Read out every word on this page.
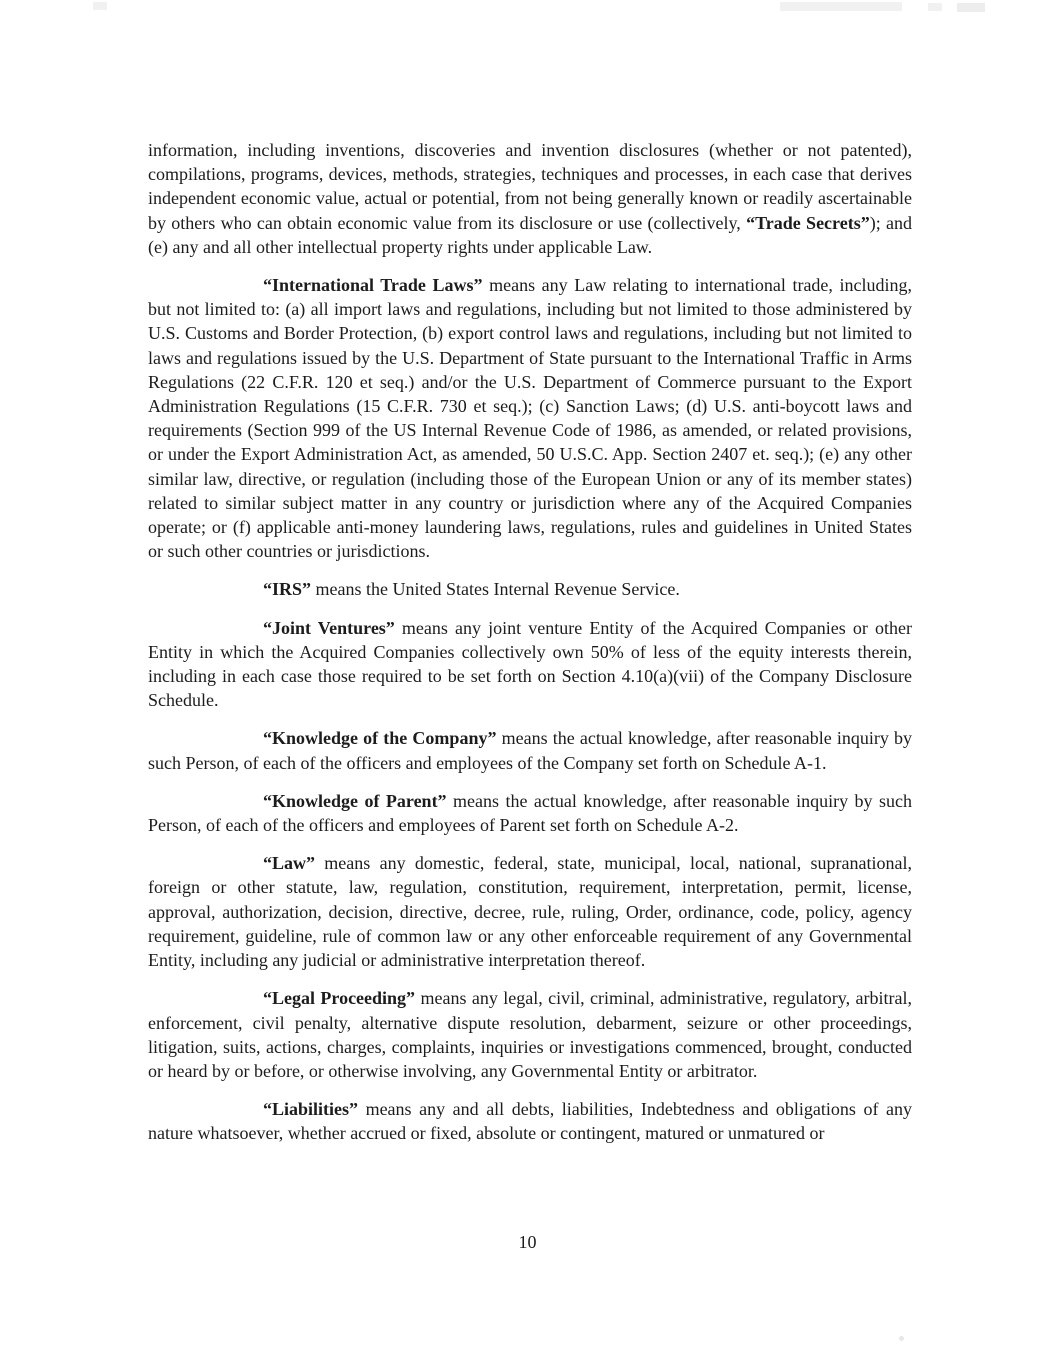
information, including inventions, discoveries and invention disclosures (whether or not patented), compilations, programs, devices, methods, strategies, techniques and processes, in each case that derives independent economic value, actual or potential, from not being generally known or readily ascertainable by others who can obtain economic value from its disclosure or use (collectively, “Trade Secrets”); and (e) any and all other intellectual property rights under applicable Law.

“International Trade Laws” means any Law relating to international trade, including, but not limited to: (a) all import laws and regulations, including but not limited to those administered by U.S. Customs and Border Protection, (b) export control laws and regulations, including but not limited to laws and regulations issued by the U.S. Department of State pursuant to the International Traffic in Arms Regulations (22 C.F.R. 120 et seq.) and/or the U.S. Department of Commerce pursuant to the Export Administration Regulations (15 C.F.R. 730 et seq.); (c) Sanction Laws; (d) U.S. anti-boycott laws and requirements (Section 999 of the US Internal Revenue Code of 1986, as amended, or related provisions, or under the Export Administration Act, as amended, 50 U.S.C. App. Section 2407 et. seq.); (e) any other similar law, directive, or regulation (including those of the European Union or any of its member states) related to similar subject matter in any country or jurisdiction where any of the Acquired Companies operate; or (f) applicable anti-money laundering laws, regulations, rules and guidelines in United States or such other countries or jurisdictions.

“IRS” means the United States Internal Revenue Service.

“Joint Ventures” means any joint venture Entity of the Acquired Companies or other Entity in which the Acquired Companies collectively own 50% of less of the equity interests therein, including in each case those required to be set forth on Section 4.10(a)(vii) of the Company Disclosure Schedule.

“Knowledge of the Company” means the actual knowledge, after reasonable inquiry by such Person, of each of the officers and employees of the Company set forth on Schedule A-1.

“Knowledge of Parent” means the actual knowledge, after reasonable inquiry by such Person, of each of the officers and employees of Parent set forth on Schedule A-2.

“Law” means any domestic, federal, state, municipal, local, national, supranational, foreign or other statute, law, regulation, constitution, requirement, interpretation, permit, license, approval, authorization, decision, directive, decree, rule, ruling, Order, ordinance, code, policy, agency requirement, guideline, rule of common law or any other enforceable requirement of any Governmental Entity, including any judicial or administrative interpretation thereof.

“Legal Proceeding” means any legal, civil, criminal, administrative, regulatory, arbitral, enforcement, civil penalty, alternative dispute resolution, debarment, seizure or other proceedings, litigation, suits, actions, charges, complaints, inquiries or investigations commenced, brought, conducted or heard by or before, or otherwise involving, any Governmental Entity or arbitrator.

“Liabilities” means any and all debts, liabilities, Indebtedness and obligations of any nature whatsoever, whether accrued or fixed, absolute or contingent, matured or unmatured or

10
